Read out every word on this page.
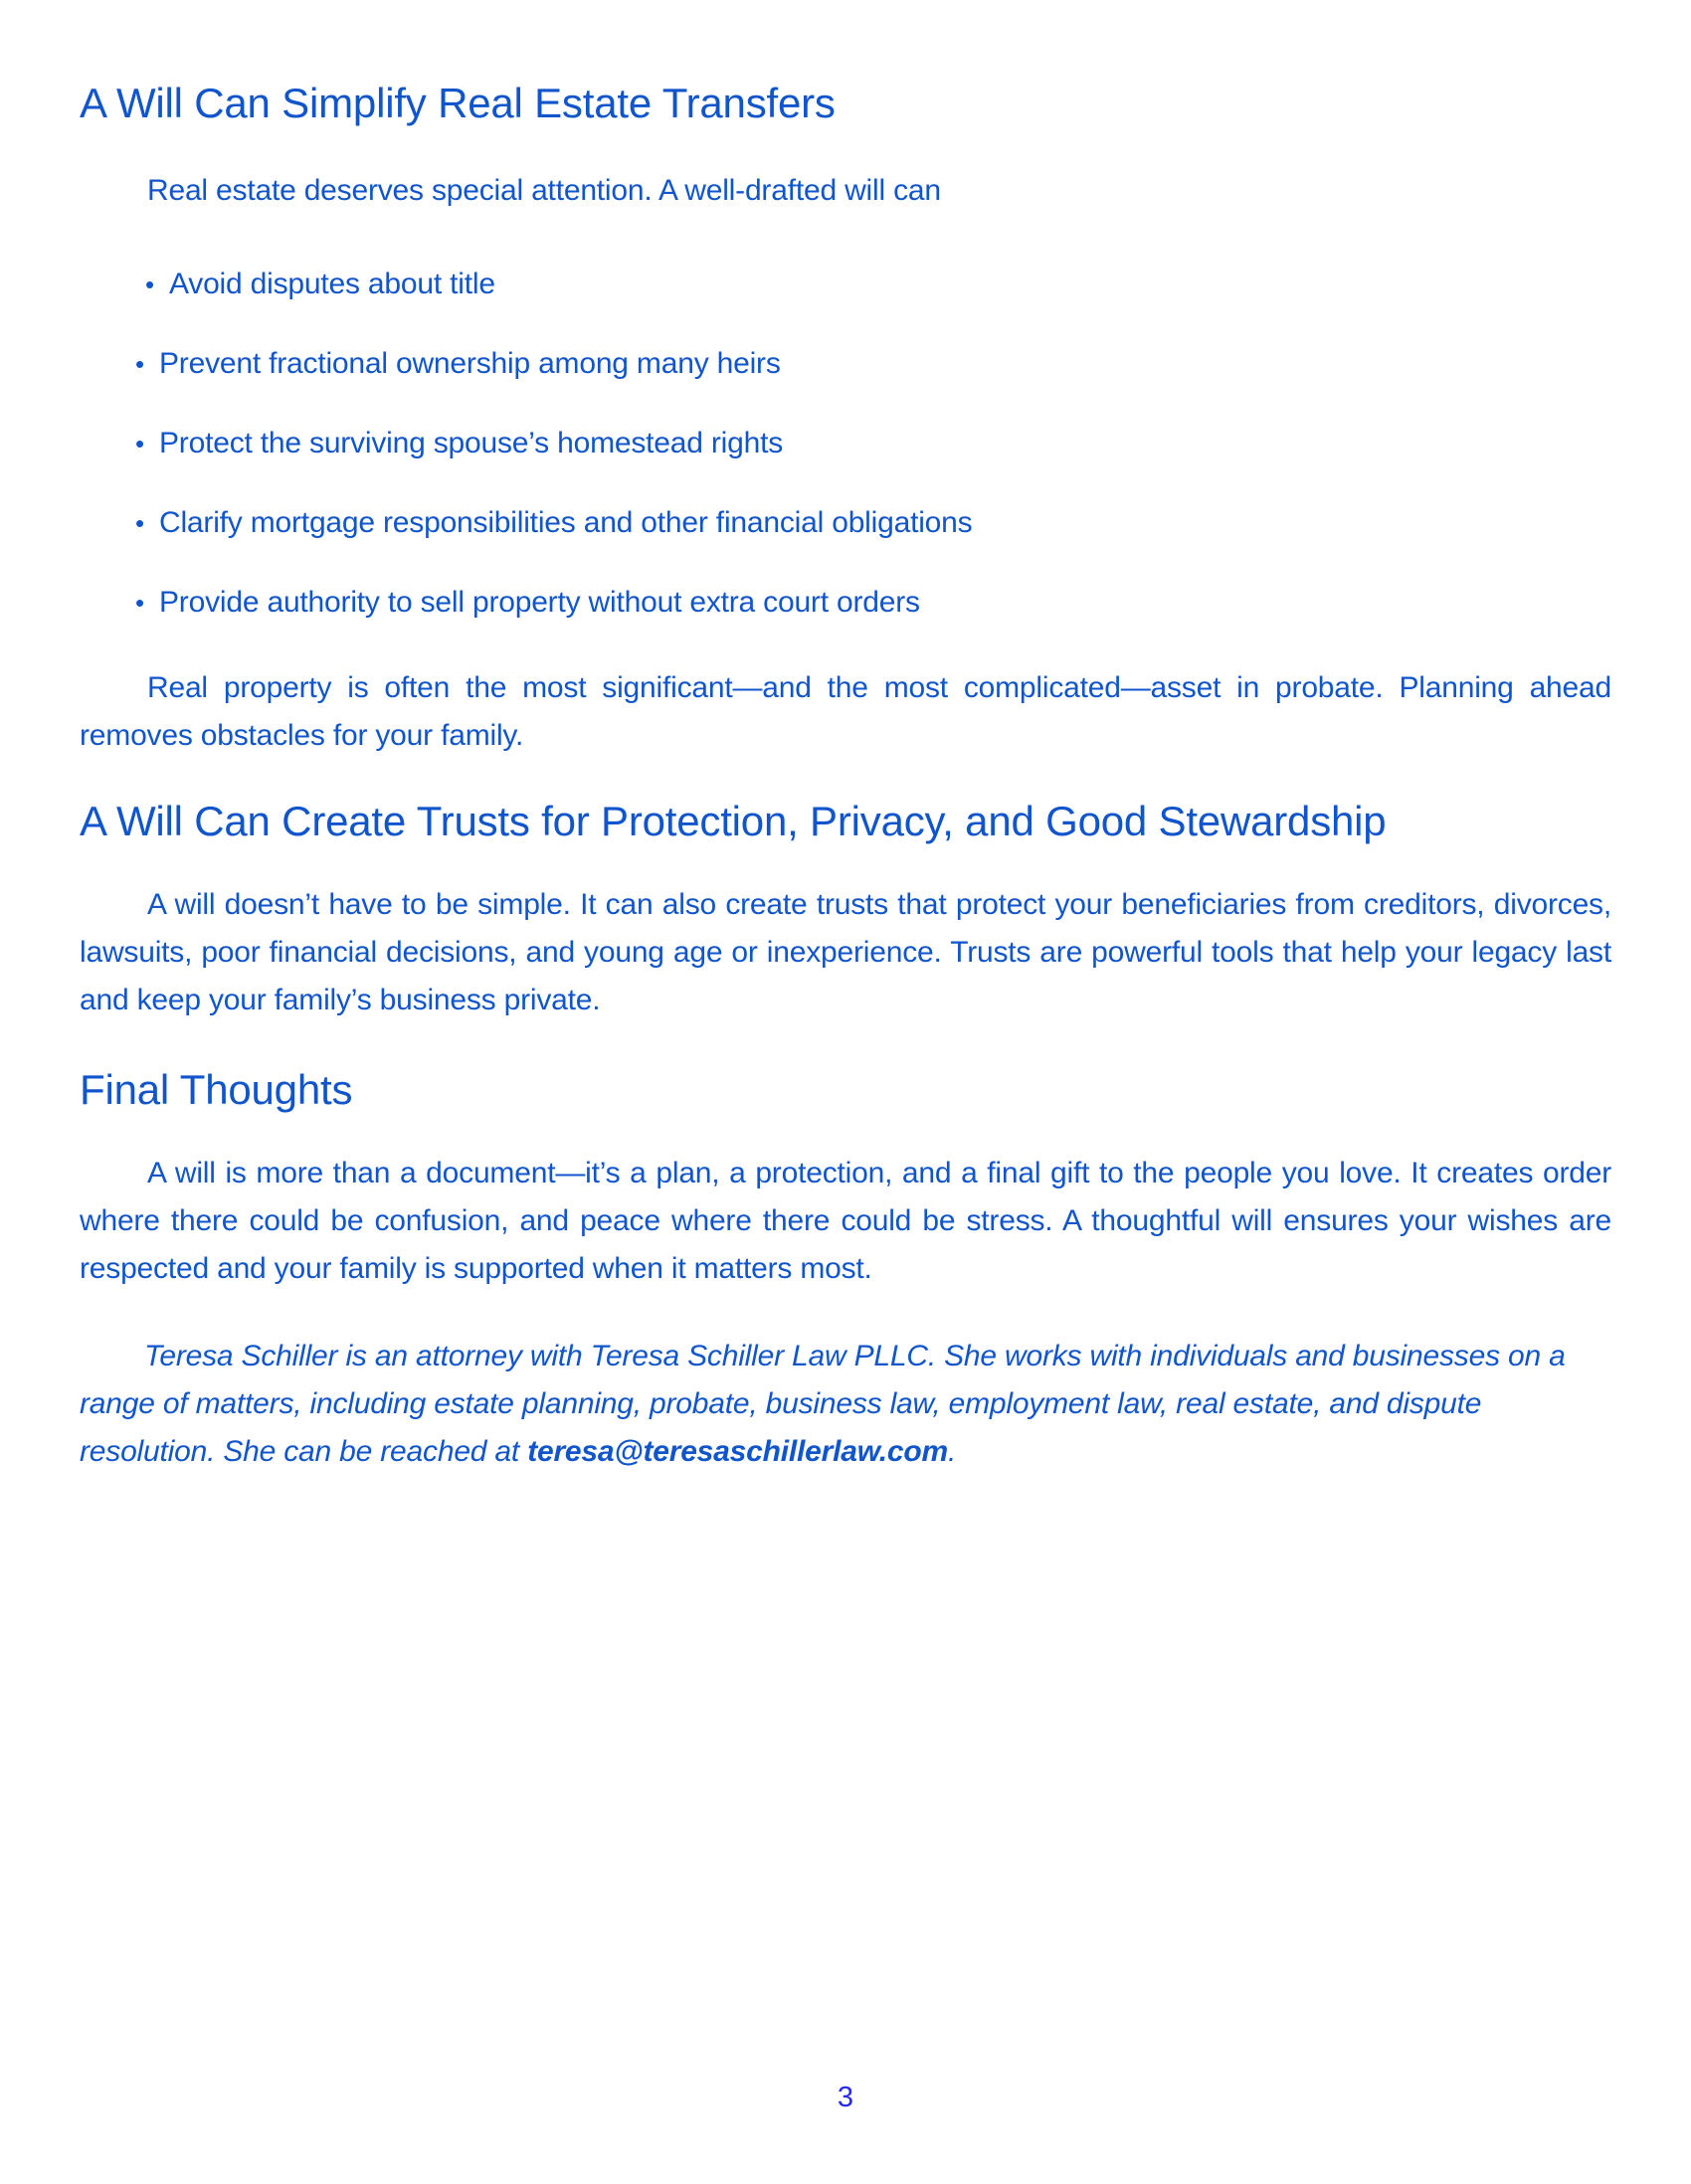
A Will Can Simplify Real Estate Transfers

Real estate deserves special attention. A well-drafted will can

• Avoid disputes about title
• Prevent fractional ownership among many heirs
• Protect the surviving spouse’s homestead rights
• Clarify mortgage responsibilities and other financial obligations
• Provide authority to sell property without extra court orders

Real property is often the most significant—and the most complicated—asset in probate. Planning ahead removes obstacles for your family.

A Will Can Create Trusts for Protection, Privacy, and Good Stewardship

A will doesn’t have to be simple. It can also create trusts that protect your beneficiaries from creditors, divorces, lawsuits, poor financial decisions, and young age or inexperience. Trusts are powerful tools that help your legacy last and keep your family’s business private.

Final Thoughts

A will is more than a document—it’s a plan, a protection, and a final gift to the people you love. It creates order where there could be confusion, and peace where there could be stress. A thoughtful will ensures your wishes are respected and your family is supported when it matters most.

Teresa Schiller is an attorney with Teresa Schiller Law PLLC. She works with individuals and businesses on a range of matters, including estate planning, probate, business law, employment law, real estate, and dispute resolution. She can be reached at teresa@teresaschillerlaw.com.

3
